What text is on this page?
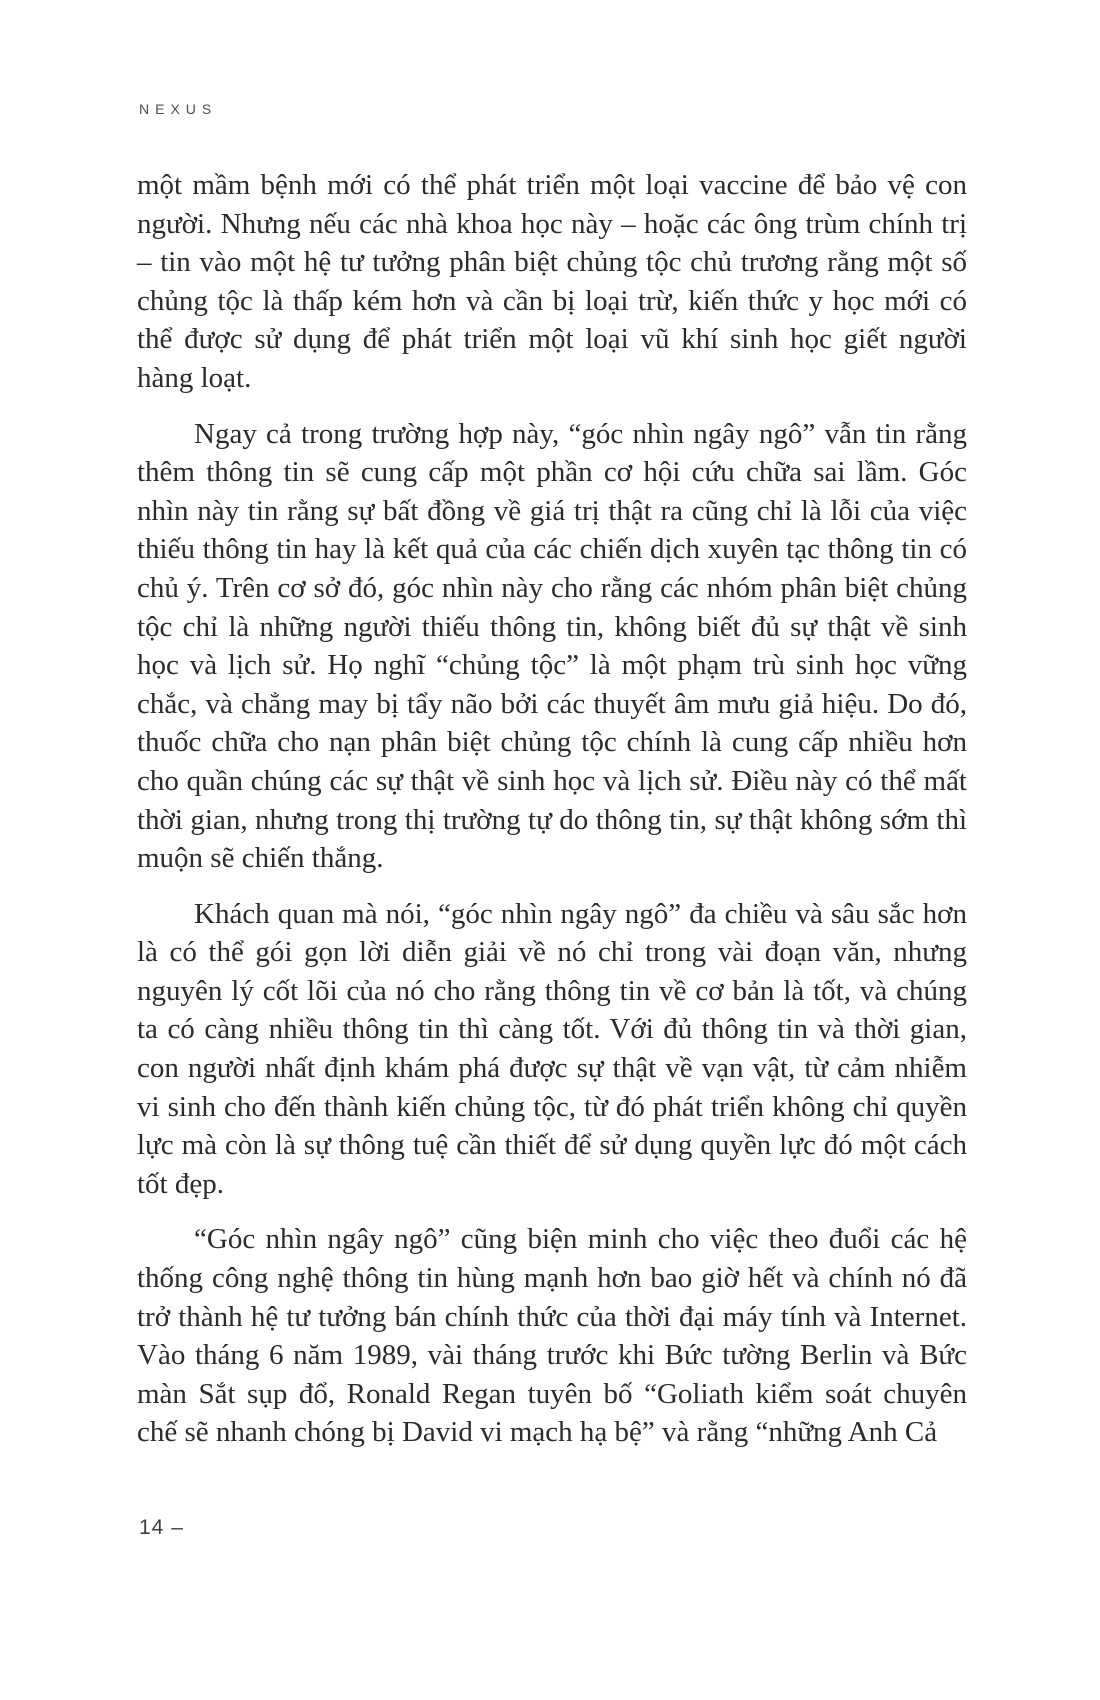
NEXUS

một mầm bệnh mới có thể phát triển một loại vaccine để bảo vệ con người. Nhưng nếu các nhà khoa học này – hoặc các ông trùm chính trị – tin vào một hệ tư tưởng phân biệt chủng tộc chủ trương rằng một số chủng tộc là thấp kém hơn và cần bị loại trừ, kiến thức y học mới có thể được sử dụng để phát triển một loại vũ khí sinh học giết người hàng loạt.

Ngay cả trong trường hợp này, “góc nhìn ngây ngô” vẫn tin rằng thêm thông tin sẽ cung cấp một phần cơ hội cứu chữa sai lầm. Góc nhìn này tin rằng sự bất đồng về giá trị thật ra cũng chỉ là lỗi của việc thiếu thông tin hay là kết quả của các chiến dịch xuyên tạc thông tin có chủ ý. Trên cơ sở đó, góc nhìn này cho rằng các nhóm phân biệt chủng tộc chỉ là những người thiếu thông tin, không biết đủ sự thật về sinh học và lịch sử. Họ nghĩ “chủng tộc” là một phạm trù sinh học vững chắc, và chẳng may bị tẩy não bởi các thuyết âm mưu giả hiệu. Do đó, thuốc chữa cho nạn phân biệt chủng tộc chính là cung cấp nhiều hơn cho quần chúng các sự thật về sinh học và lịch sử. Điều này có thể mất thời gian, nhưng trong thị trường tự do thông tin, sự thật không sớm thì muộn sẽ chiến thắng.

Khách quan mà nói, “góc nhìn ngây ngô” đa chiều và sâu sắc hơn là có thể gói gọn lời diễn giải về nó chỉ trong vài đoạn văn, nhưng nguyên lý cốt lõi của nó cho rằng thông tin về cơ bản là tốt, và chúng ta có càng nhiều thông tin thì càng tốt. Với đủ thông tin và thời gian, con người nhất định khám phá được sự thật về vạn vật, từ cảm nhiễm vi sinh cho đến thành kiến chủng tộc, từ đó phát triển không chỉ quyền lực mà còn là sự thông tuệ cần thiết để sử dụng quyền lực đó một cách tốt đẹp.

“Góc nhìn ngây ngô” cũng biện minh cho việc theo đuổi các hệ thống công nghệ thông tin hùng mạnh hơn bao giờ hết và chính nó đã trở thành hệ tư tưởng bán chính thức của thời đại máy tính và Internet. Vào tháng 6 năm 1989, vài tháng trước khi Bức tường Berlin và Bức màn Sắt sụp đổ, Ronald Regan tuyên bố “Goliath kiểm soát chuyên chế sẽ nhanh chóng bị David vi mạch hạ bệ” và rằng “những Anh Cả

14 –
